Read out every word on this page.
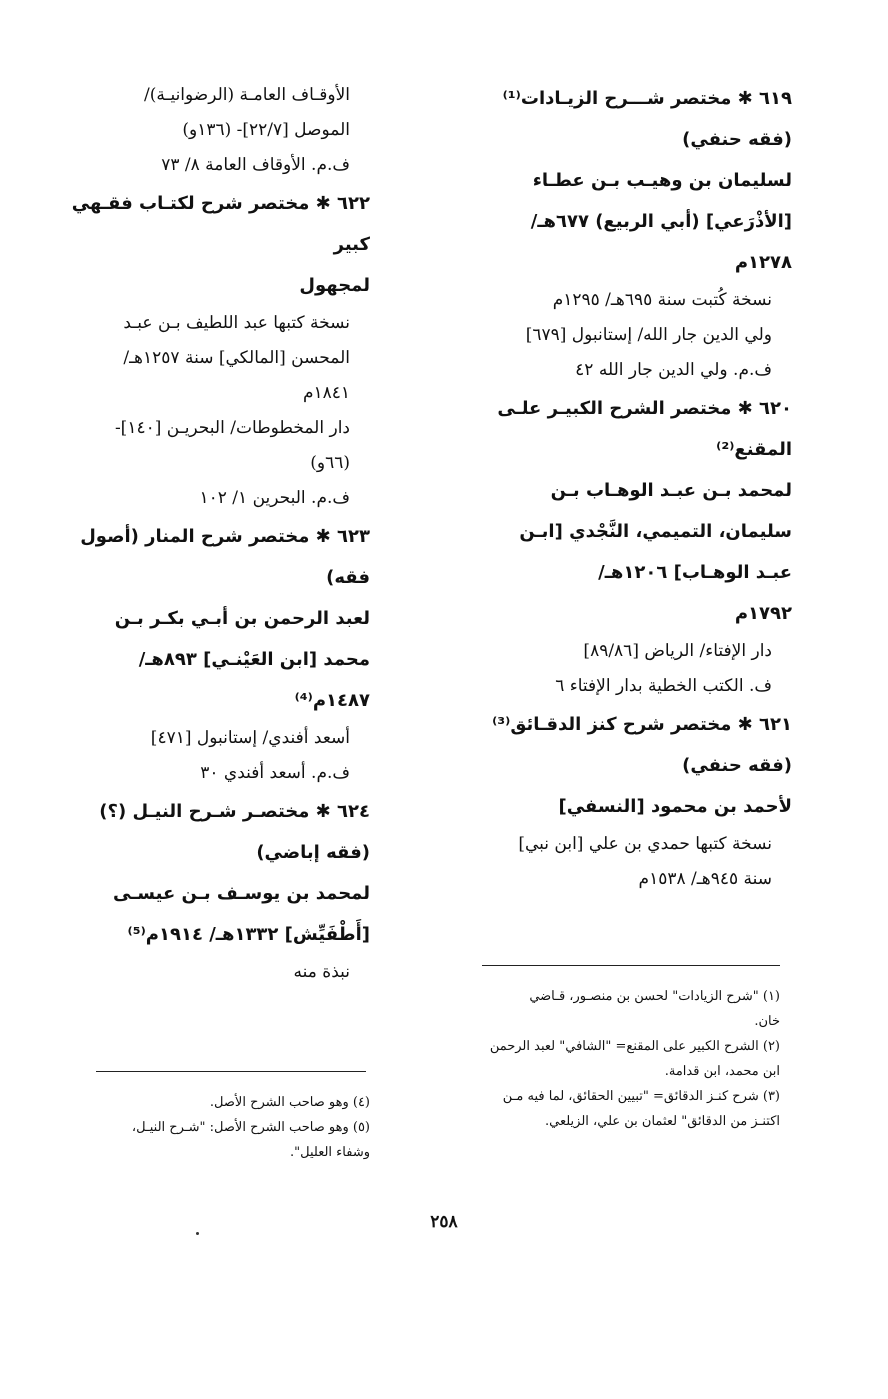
٦١٩ ✱ مختصر شـــرح الزيـادات⁽¹⁾
(فقه حنفي)
لسليمان بن وهيـب بـن عطـاء
[الأذْرَعي] (أبي الربيع) ٦٧٧هـ/
١٢٧٨م
نسخة كُتبت سنة ٦٩٥هـ/ ١٢٩٥م
ولي الدين جار الله/ إستانبول [٦٧٩]
ف.م. ولي الدين جار الله ٤٢
٦٢٠ ✱ مختصر الشرح الكبيـر علـى
المقنع⁽²⁾
لمحمد بـن عبـد الوهـاب بـن
سليمان، التميمي، النَّجْدي [ابـن
عبـد الوهـاب] ١٢٠٦هـ/
١٧٩٢م
دار الإفتاء/ الرياض [٨٩/٨٦]
ف. الكتب الخطية بدار الإفتاء ٦
٦٢١ ✱ مختصر شرح كنز الدقـائق⁽³⁾
(فقه حنفي)
لأحمد بن محمود [النسفي]
نسخة كتبها حمدي بن علي [ابن نبي]
سنة ٩٤٥هـ/ ١٥٣٨م
الأوقـاف العامـة (الرضوانيـة)/
الموصل [٢٢/٧]- (١٣٦و)
ف.م. الأوقاف العامة ٨/ ٧٣
٦٢٢ ✱ مختصر شرح لكتـاب فقـهي
كبير
لمجهول
نسخة كتبها عبد اللطيف بـن عبـد
المحسن [المالكي] سنة ١٢٥٧هـ/
١٨٤١م
دار المخطوطات/ البحريـن [١٤٠]-
(٦٦و)
ف.م. البحرين ١/ ١٠٢
٦٢٣ ✱ مختصر شرح المنار (أصول
فقه)
لعبد الرحمن بن أبـي بكـر بـن
محمد [ابن العَيْنـي] ٨٩٣هـ/
١٤٨٧م⁽⁴⁾
أسعد أفندي/ إستانبول [٤٧١]
ف.م. أسعد أفندي ٣٠
٦٢٤ ✱ مختصـر شـرح النيـل (؟)
(فقه إباضي)
لمحمد بن يوسـف بـن عيسـى
[أَطْفَيِّش] ١٣٣٢هـ/ ١٩١٤م⁽⁵⁾
نبذة منه
(١) "شرح الزيادات" لحسن بن منصـور، قـاضي
خان.
(٢) الشرح الكبير على المقنع= "الشافي" لعبد الرحمن
ابن محمد، ابن قدامة.
(٣) شرح كنـز الدقائق= "تبيين الحقائق، لما فيه مـن
اكتنـز من الدقائق" لعثمان بن علي، الزيلعي.
(٤) وهو صاحب الشرح الأصل.
(٥) وهو صاحب الشرح الأصل: "شـرح النيـل،
وشفاء العليل".
٢٥٨
